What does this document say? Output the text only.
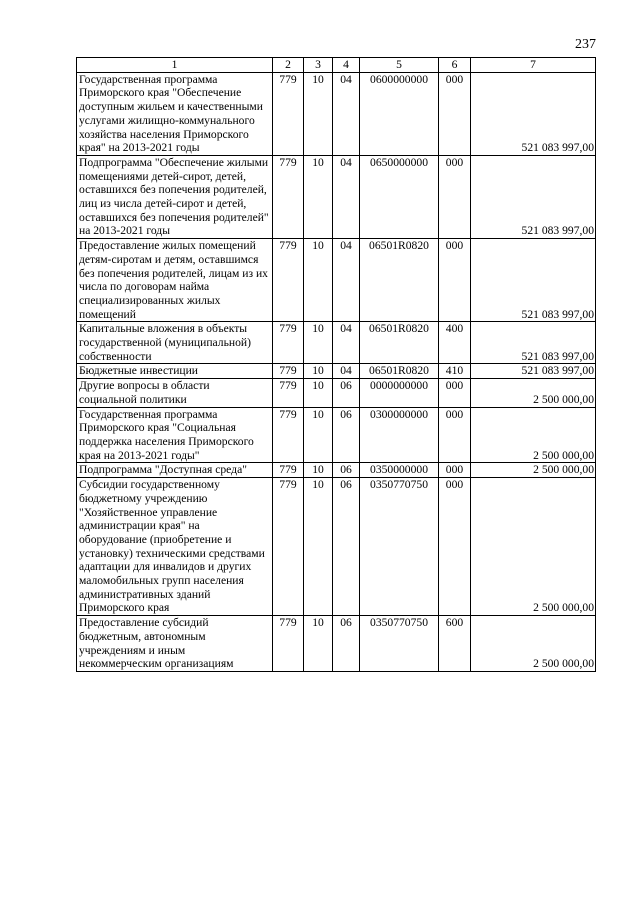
237
1	2	3	4	5	6	7
Государственная программа Приморского края "Обеспечение доступным жильем и качественными услугами жилищно-коммунального хозяйства населения Приморского края" на 2013-2021 годы	779	10	04	0600000000	000	521 083 997,00
Подпрограмма "Обеспечение жилыми помещениями детей-сирот, детей, оставшихся без попечения родителей, лиц из числа детей-сирот и детей, оставшихся без попечения родителей" на 2013-2021 годы	779	10	04	0650000000	000	521 083 997,00
Предоставление жилых помещений детям-сиротам и детям, оставшимся без попечения родителей, лицам из их числа по договорам найма специализированных жилых помещений	779	10	04	06501R0820	000	521 083 997,00
Капитальные вложения в объекты государственной (муниципальной) собственности	779	10	04	06501R0820	400	521 083 997,00
Бюджетные инвестиции	779	10	04	06501R0820	410	521 083 997,00
Другие вопросы в области социальной политики	779	10	06	0000000000	000	2 500 000,00
Государственная программа Приморского края "Социальная поддержка населения Приморского края на 2013-2021 годы"	779	10	06	0300000000	000	2 500 000,00
Подпрограмма "Доступная среда"	779	10	06	0350000000	000	2 500 000,00
Субсидии государственному бюджетному учреждению "Хозяйственное управление администрации края" на оборудование (приобретение и установку) техническими средствами адаптации для инвалидов и других маломобильных групп населения административных зданий Приморского края	779	10	06	0350770750	000	2 500 000,00
Предоставление субсидий бюджетным, автономным учреждениям и иным некоммерческим организациям	779	10	06	0350770750	600	2 500 000,00
